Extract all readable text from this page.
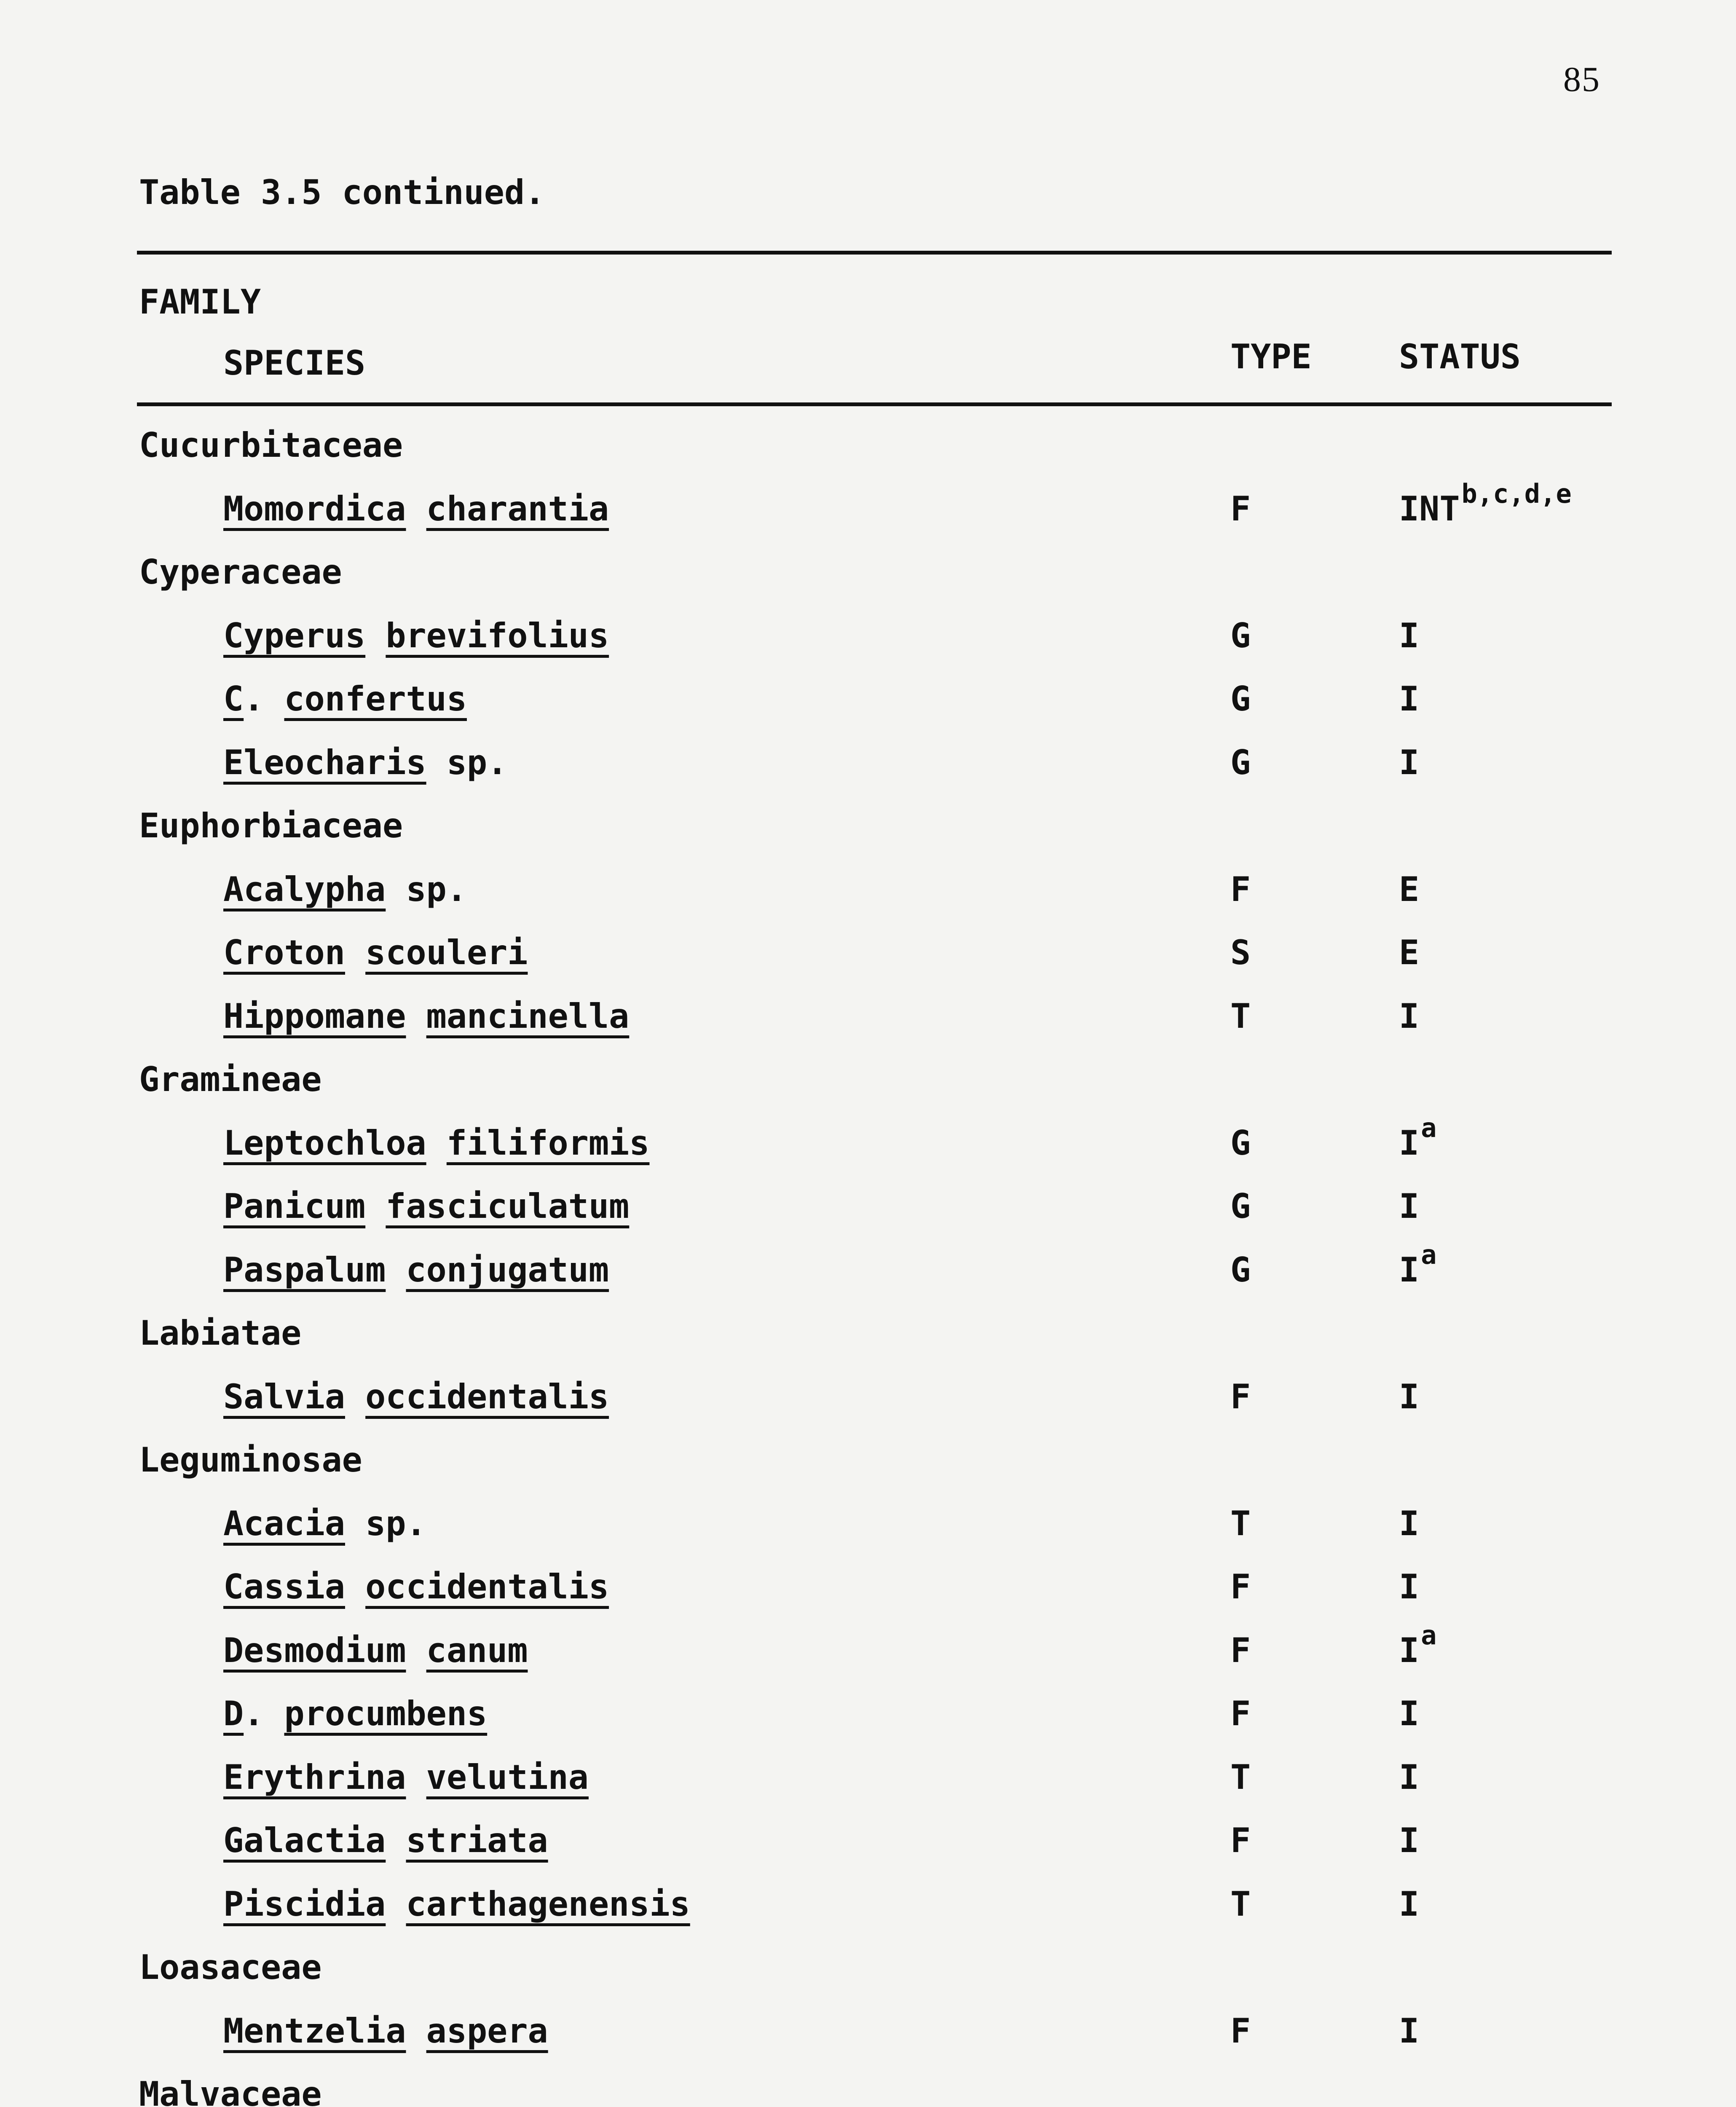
85
Table 3.5 continued.
FAMILY
SPECIES	TYPE	STATUS
Cucurbitaceae
Momordica charantia	F	INT$^{b,c,d,e}$
Cyperaceae
Cyperus brevifolius	G	I
C. confertus	G	I
Eleocharis sp.	G	I
Euphorbiaceae
Acalypha sp.	F	E
Croton scouleri	S	E
Hippomane mancinella	T	I
Gramineae
Leptochloa filiformis	G	$I^a$
Panicum fasciculatum	G	I
Paspalum conjugatum	G	$I^a$
Labiatae
Salvia occidentalis	F	I
Leguminosae
Acacia sp.	T	I
Cassia occidentalis	F	I
Desmodium canum	F	$I^a$
D. procumbens	F	I
Erythrina velutina	T	I
Galactia striata	F	I
Piscidia carthagenensis	T	I
Loasaceae
Mentzelia aspera	F	I
Malvaceae
